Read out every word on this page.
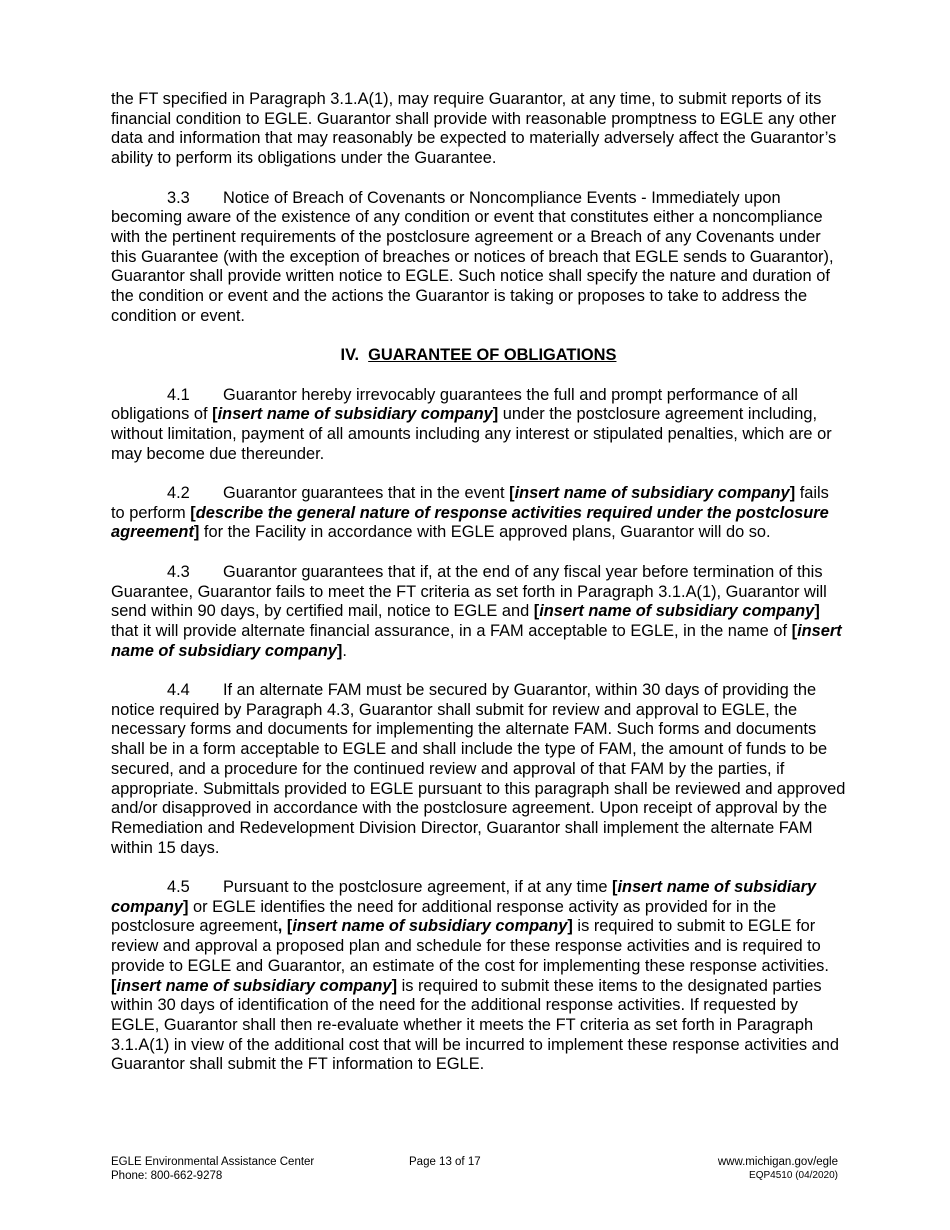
the FT specified in Paragraph 3.1.A(1), may require Guarantor, at any time, to submit reports of its financial condition to EGLE. Guarantor shall provide with reasonable promptness to EGLE any other data and information that may reasonably be expected to materially adversely affect the Guarantor’s ability to perform its obligations under the Guarantee.

3.3 Notice of Breach of Covenants or Noncompliance Events - Immediately upon becoming aware of the existence of any condition or event that constitutes either a noncompliance with the pertinent requirements of the postclosure agreement or a Breach of any Covenants under this Guarantee (with the exception of breaches or notices of breach that EGLE sends to Guarantor), Guarantor shall provide written notice to EGLE. Such notice shall specify the nature and duration of the condition or event and the actions the Guarantor is taking or proposes to take to address the condition or event.

IV. GUARANTEE OF OBLIGATIONS

4.1 Guarantor hereby irrevocably guarantees the full and prompt performance of all obligations of [insert name of subsidiary company] under the postclosure agreement including, without limitation, payment of all amounts including any interest or stipulated penalties, which are or may become due thereunder.

4.2 Guarantor guarantees that in the event [insert name of subsidiary company] fails to perform [describe the general nature of response activities required under the postclosure agreement] for the Facility in accordance with EGLE approved plans, Guarantor will do so.

4.3 Guarantor guarantees that if, at the end of any fiscal year before termination of this Guarantee, Guarantor fails to meet the FT criteria as set forth in Paragraph 3.1.A(1), Guarantor will send within 90 days, by certified mail, notice to EGLE and [insert name of subsidiary company] that it will provide alternate financial assurance, in a FAM acceptable to EGLE, in the name of [insert name of subsidiary company].

4.4 If an alternate FAM must be secured by Guarantor, within 30 days of providing the notice required by Paragraph 4.3, Guarantor shall submit for review and approval to EGLE, the necessary forms and documents for implementing the alternate FAM. Such forms and documents shall be in a form acceptable to EGLE and shall include the type of FAM, the amount of funds to be secured, and a procedure for the continued review and approval of that FAM by the parties, if appropriate. Submittals provided to EGLE pursuant to this paragraph shall be reviewed and approved and/or disapproved in accordance with the postclosure agreement. Upon receipt of approval by the Remediation and Redevelopment Division Director, Guarantor shall implement the alternate FAM within 15 days.

4.5 Pursuant to the postclosure agreement, if at any time [insert name of subsidiary company] or EGLE identifies the need for additional response activity as provided for in the postclosure agreement, [insert name of subsidiary company] is required to submit to EGLE for review and approval a proposed plan and schedule for these response activities and is required to provide to EGLE and Guarantor, an estimate of the cost for implementing these response activities. [insert name of subsidiary company] is required to submit these items to the designated parties within 30 days of identification of the need for the additional response activities. If requested by EGLE, Guarantor shall then re-evaluate whether it meets the FT criteria as set forth in Paragraph 3.1.A(1) in view of the additional cost that will be incurred to implement these response activities and Guarantor shall submit the FT information to EGLE.

EGLE Environmental Assistance Center
Phone: 800-662-9278
Page 13 of 17	www.michigan.gov/egle
EQP4510 (04/2020)
